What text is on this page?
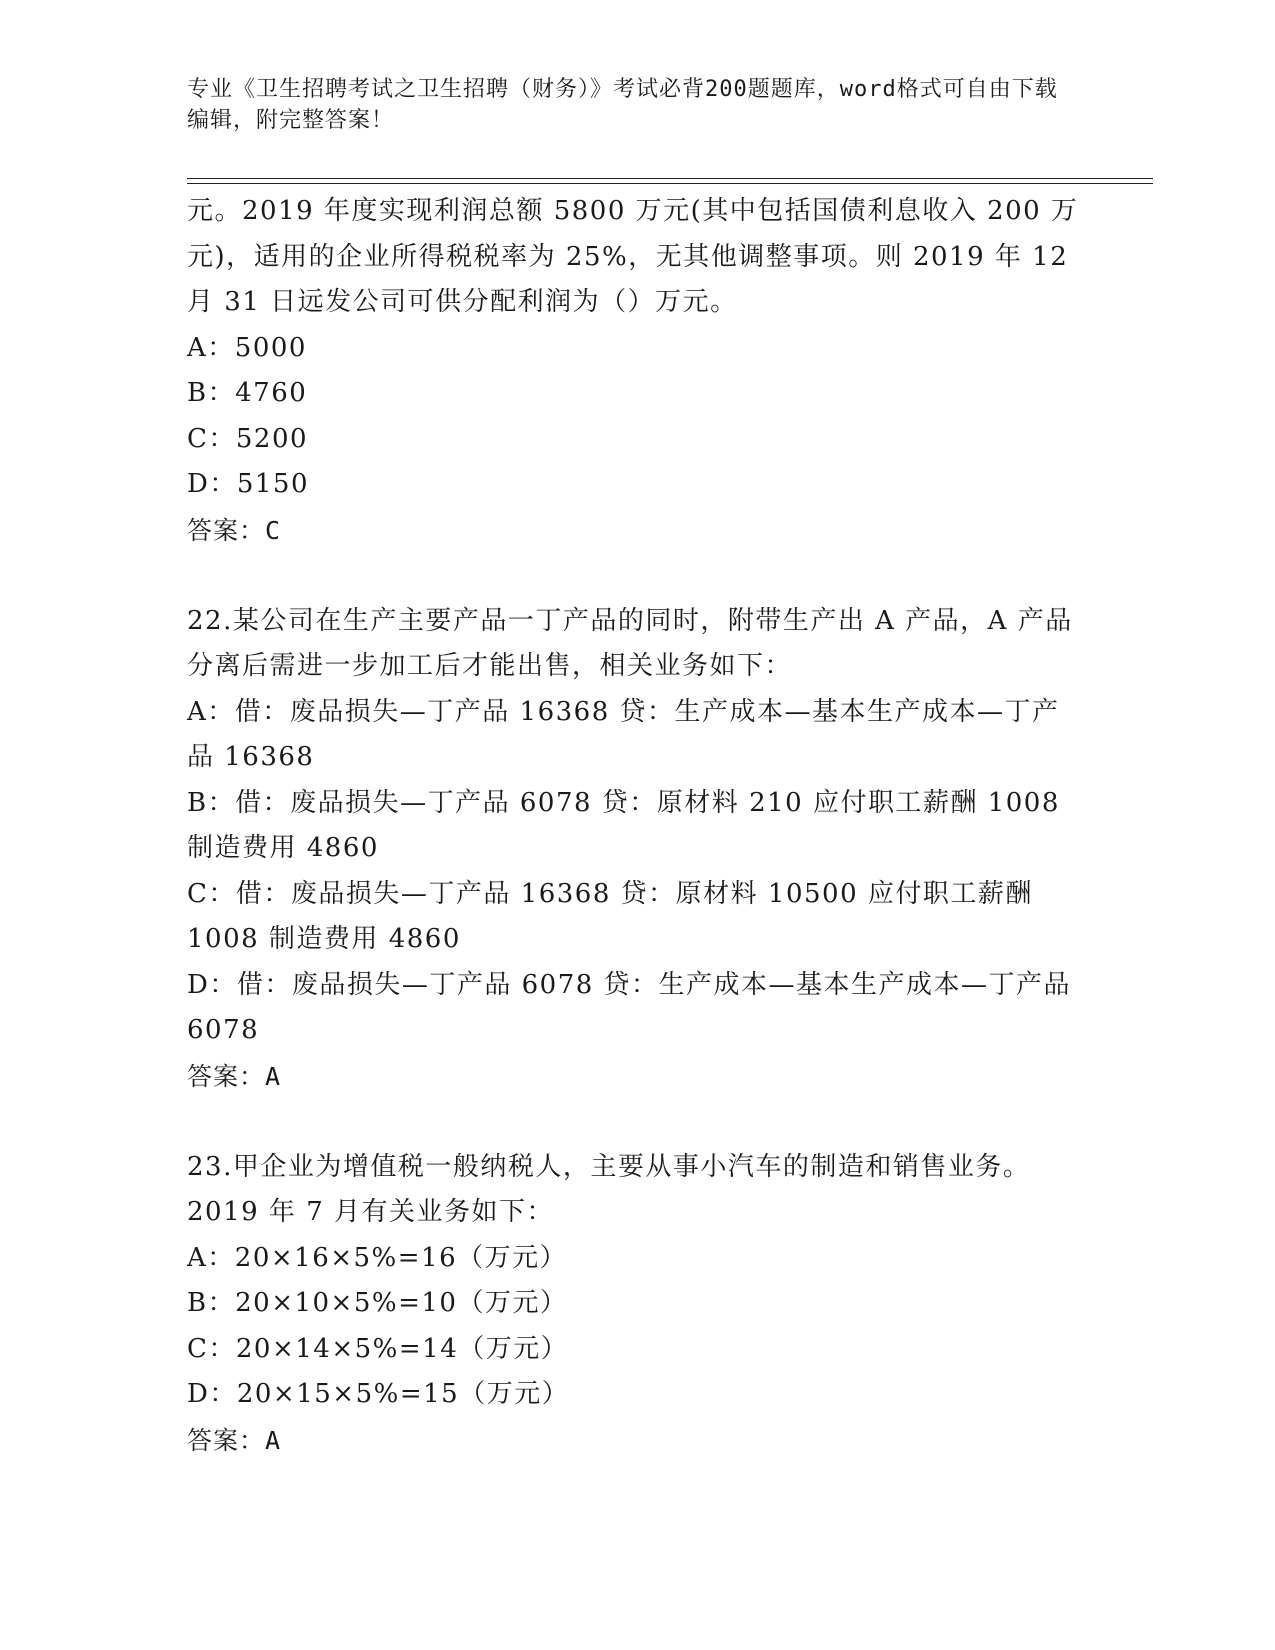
专业《卫生招聘考试之卫生招聘（财务）》考试必背200题题库，word格式可自由下载编辑，附完整答案！

元。2019 年度实现利润总额 5800 万元(其中包括国债利息收入 200 万元)，适用的企业所得税税率为 25%，无其他调整事项。则 2019 年 12 月 31 日远发公司可供分配利润为（）万元。

A：5000

B：4760

C：5200

D：5150

答案：C

22.某公司在生产主要产品一丁产品的同时，附带生产出 A 产品，A 产品分离后需进一步加工后才能出售，相关业务如下：

A：借：废品损失—丁产品 16368 贷：生产成本—基本生产成本—丁产品 16368

B：借：废品损失—丁产品 6078 贷：原材料 210 应付职工薪酬 1008 制造费用 4860

C：借：废品损失—丁产品 16368 贷：原材料 10500 应付职工薪酬 1008 制造费用 4860

D：借：废品损失—丁产品 6078 贷：生产成本—基本生产成本—丁产品 6078

答案：A

23.甲企业为增值税一般纳税人，主要从事小汽车的制造和销售业务。2019 年 7 月有关业务如下：

A：20×16×5%=16（万元）

B：20×10×5%=10（万元）

C：20×14×5%=14（万元）

D：20×15×5%=15（万元）

答案：A
